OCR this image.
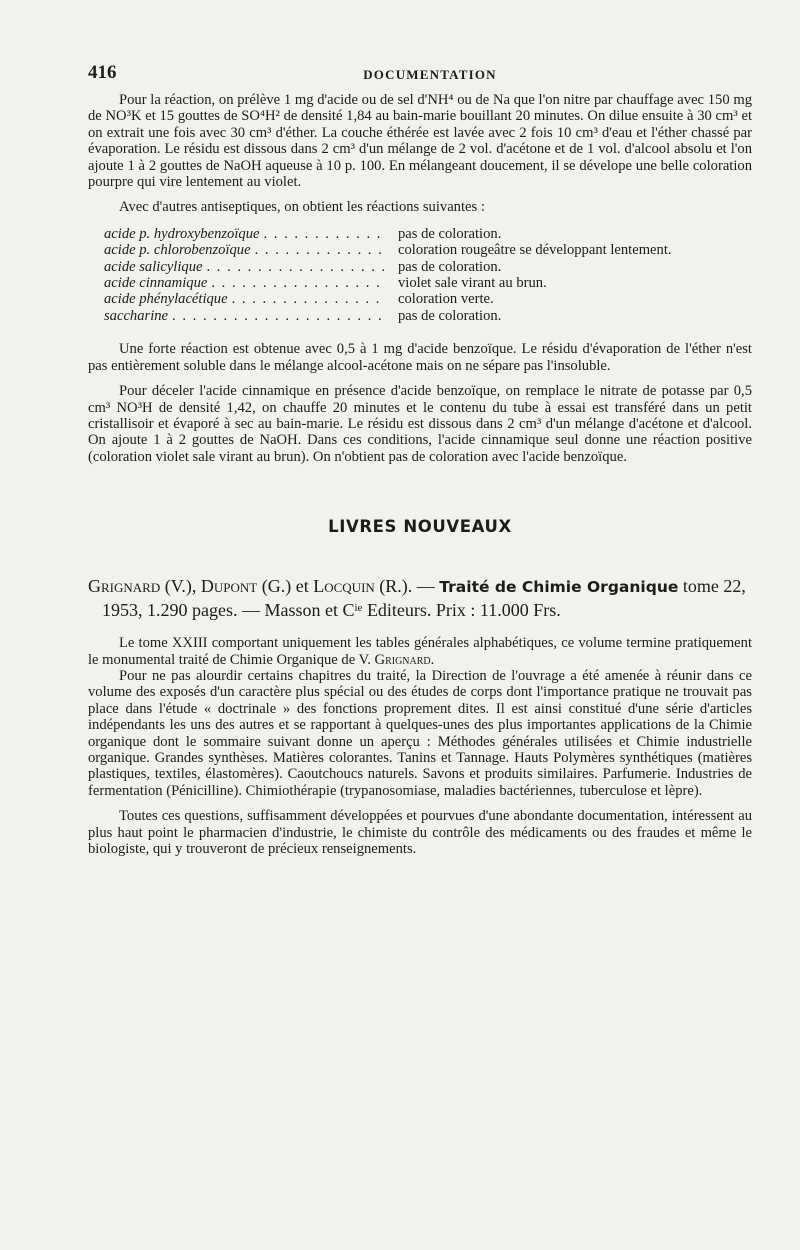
416	DOCUMENTATION

Pour la réaction, on prélève 1 mg d'acide ou de sel d'NH⁴ ou de Na que l'on nitre par chauffage avec 150 mg de NO³K et 15 gouttes de SO⁴H² de densité 1,84 au bain-marie bouillant 20 minutes. On dilue ensuite à 30 cm³ et on extrait une fois avec 30 cm³ d'éther. La couche éthérée est lavée avec 2 fois 10 cm³ d'eau et l'éther chassé par évaporation. Le résidu est dissous dans 2 cm³ d'un mélange de 2 vol. d'acétone et de 1 vol. d'alcool absolu et l'on ajoute 1 à 2 gouttes de NaOH aqueuse à 10 p. 100. En mélangeant doucement, il se dévelope une belle coloration pourpre qui vire lentement au violet.

Avec d'autres antiseptiques, on obtient les réactions suivantes :

acide p. hydroxybenzoïque . . .	pas de coloration.
acide p. chlorobenzoïque . . .	coloration rougeâtre se développant lentement.
acide salicylique . . .	pas de coloration.
acide cinnamique . . .	violet sale virant au brun.
acide phénylacétique . . .	coloration verte.
saccharine . . .	pas de coloration.

Une forte réaction est obtenue avec 0,5 à 1 mg d'acide benzoïque. Le résidu d'évaporation de l'éther n'est pas entièrement soluble dans le mélange alcool-acétone mais on ne sépare pas l'insoluble.

Pour déceler l'acide cinnamique en présence d'acide benzoïque, on remplace le nitrate de potasse par 0,5 cm³ NO³H de densité 1,42, on chauffe 20 minutes et le contenu du tube à essai est transféré dans un petit cristallisoir et évaporé à sec au bain-marie. Le résidu est dissous dans 2 cm³ d'un mélange d'acétone et d'alcool. On ajoute 1 à 2 gouttes de NaOH. Dans ces conditions, l'acide cinnamique seul donne une réaction positive (coloration violet sale virant au brun). On n'obtient pas de coloration avec l'acide benzoïque.

LIVRES NOUVEAUX
Grignard (V.), Dupont (G.) et Locquin (R.). — Traité de Chimie Organique tome 22, 1953, 1.290 pages. — Masson et $C^{ie}$ Editeurs. Prix : 11.000 Frs.

Le tome XXIII comportant uniquement les tables générales alphabétiques, ce volume termine pratiquement le monumental traité de Chimie Organique de V. Grignard.

Pour ne pas alourdir certains chapitres du traité, la Direction de l'ouvrage a été amenée à réunir dans ce volume des exposés d'un caractère plus spécial ou des études de corps dont l'importance pratique ne trouvait pas place dans l'étude « doctrinale » des fonctions proprement dites. Il est ainsi constitué d'une série d'articles indépendants les uns des autres et se rapportant à quelques-unes des plus importantes applications de la Chimie organique dont le sommaire suivant donne un aperçu : Méthodes générales utilisées et Chimie industrielle organique. Grandes synthèses. Matières colorantes. Tanins et Tannage. Hauts Polymères synthétiques (matières plastiques, textiles, élastomères). Caoutchoucs naturels. Savons et produits similaires. Parfumerie. Industries de fermentation (Pénicilline). Chimiothérapie (trypanosomiase, maladies bactériennes, tuberculose et lèpre).

Toutes ces questions, suffisamment développées et pourvues d'une abondante documentation, intéressent au plus haut point le pharmacien d'industrie, le chimiste du contrôle des médicaments ou des fraudes et même le biologiste, qui y trouveront de précieux renseignements.
